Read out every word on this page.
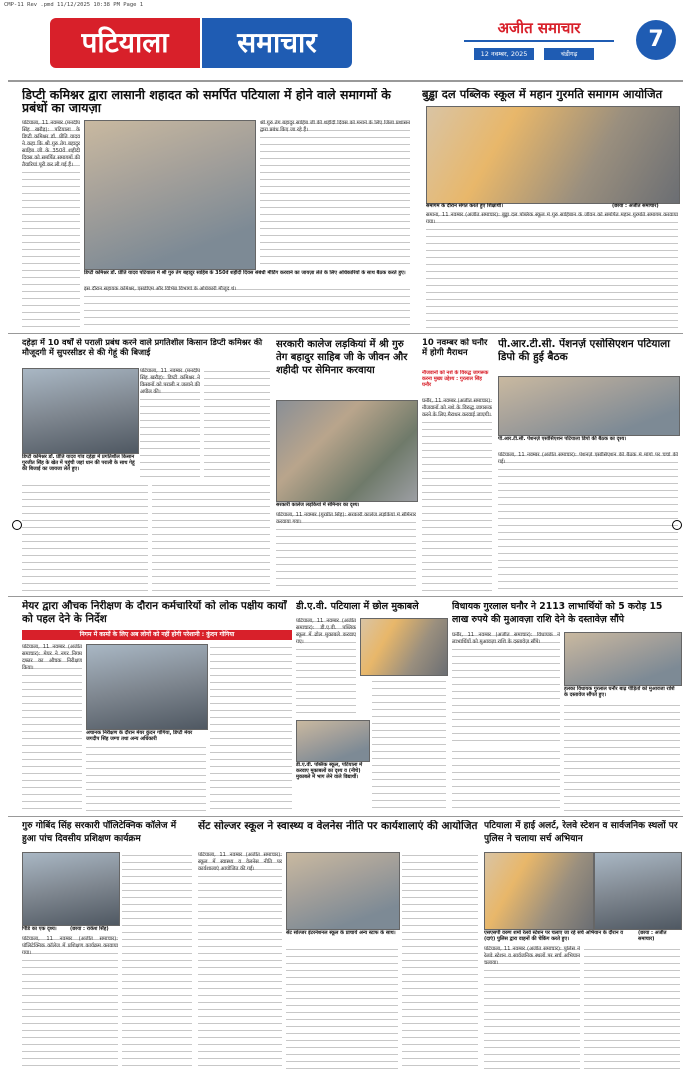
CMP-11 Rev .pmd 11/12/2025 10:38 PM Page 1
पटियाला	समाचार	अजीत समाचार
12 नवम्बर, 2025	चंडीगढ़
7
डिप्टी कमिश्नर द्वारा लासानी शहादत को समर्पित पटियाला में होने वाले समागमों के प्रबंधों का जायज़ा
पटियाला, 11 नवम्बर (मनदीप सिंह खरौड़): पटियाला के डिप्टी कमिश्नर डॉ. प्रीति यादव ने कहा कि श्री गुरु तेग बहादुर साहिब जी के 350वें शहीदी दिवस को समर्पित समागमों की तैयारियां पूरी कर ली गई हैं।
श्री गुरु तेग बहादुर साहिब जी की शहीदी दिवस को मनाने के लिए जिला प्रशासन द्वारा प्रबंध किए जा रहे हैं।
डिप्टी कमिश्नर डॉ. प्रीति यादव पटियाला में श्री गुरु तेग बहादुर साहिब के 350वें शहीदी दिवस संबंधी मीटिंग करवाने का जायज़ा लेते के लिए अधिकारियों के साथ बैठक करते हुए।
इस दौरान सहायक कमिश्नर, एसडीएम और विभिन्न विभागों के अधिकारी मौजूद थे।
बुड्ढा दल पब्लिक स्कूल में महान गुरमति समागम आयोजित
समागम के दौरान संगत करते हुए शिक्षार्थी।	(छाया : अजीत समाचार)
समाना, 11 नवम्बर (अजीत समाचार): बुड्ढा दल पब्लिक स्कूल में गुरु साहिबान के जीवन को समर्पित महान गुरमति समागम करवाया गया।
दहेड़ा में 10 वर्षों से पराली प्रबंध करने वाले प्रगतिशील किसान डिप्टी कमिश्नर की मौजूदगी में सुपरसीडर से की गेहूं की बिजाई
डिप्टी कमिश्नर डॉ. प्रीति यादव गांव दहेड़ा में प्रगतिशील किसान गुरजीत सिंह के खेत में पहुंची जहां धान की पराली के साथ गेहूं की बिजाई का जायजा लेते हुए।
पटियाला, 11 नवम्बर (मनदीप सिंह खरौड़): डिप्टी कमिश्नर ने किसानों को पराली न जलाने की अपील की।
सरकारी कालेज लड़कियां में श्री गुरु तेग बहादुर साहिब जी के जीवन और शहीदी पर सेमिनार करवाया
सरकारी कालेज लड़कियां में सेमिनार का दृश्य।
पटियाला, 11 नवम्बर (गुरप्रीत सिंह): सरकारी कालेज लड़कियां में सेमिनार करवाया गया।
10 नवम्बर को घनौर में होगी मैराथन
नौजवानों को नशे के विरुद्ध जागरूक करना मुख्य उद्देश्य : गुरलाल सिंह घनौर
घनौर, 11 नवम्बर (अजीत समाचार): नौजवानों को नशे के विरुद्ध जागरूक करने के लिए मैराथन करवाई जाएगी।
पी.आर.टी.सी. पेंशनर्ज़ एसोसिएशन पटियाला डिपो की हुई बैठक
पी.आर.टी.सी. पेंशनर्ज़ एसोसिएशन पटियाला डिपो की बैठक का दृश्य।
पटियाला, 11 नवम्बर (अजीत समाचार): पेंशनर्ज़ एसोसिएशन की बैठक में मांगों पर चर्चा की गई।
मेयर द्वारा औचक निरीक्षण के दौरान कर्मचारियों को लोक पक्षीय कार्यों को पहल देने के निर्देश
निगम में कामों के लिए अब लोगों को नहीं होगी परेशानी : कुंदन गोगिया
पटियाला, 11 नवम्बर (अजीत समाचार): मेयर ने नगर निगम दफ्तर का औचक निरीक्षण किया।
अचानक निरीक्षण के दौरान मेयर कुंदन गोगिया, डिप्टी मेयर जगदीप सिंह जग्गा तथा अन्य अधिकारी
डी.ए.वी. पटियाला में छोल मुकाबले
पटियाला, 11 नवम्बर (अजीत समाचार): डी.ए.वी. पब्लिक स्कूल में ढोल मुकाबले करवाए गए।
डी.ए.वी. पब्लिक स्कूल, पटियाला में करवाए मुकाबलों का दृश्य व (नीचे) मुकाबले में भाग लेने वाले विद्यार्थी।
विधायक गुरलाल घनौर ने 2113 लाभार्थियों को 5 करोड़ 15 लाख रुपये की मुआवज़ा राशि देने के दस्तावेज़ सौंपे
घनौर, 11 नवम्बर (अजीत समाचार): विधायक ने लाभार्थियों को मुआवज़ा राशि के दस्तावेज़ सौंपे।
हलका विधायक गुरलाल घनौर बाढ़ पीड़ितों को मुआवजा राशि के दस्तावेज सौंपते हुए।
गुरु गोबिंद सिंह सरकारी पॉलिटेक्निक कॉलेज में हुआ पांच दिवसीय प्रशिक्षण कार्यक्रम
पिंडि का एक दृश्य।	(छाया : राकेश सिंह)
पटियाला, 11 नवम्बर (अजीत समाचार): पॉलिटेक्निक कॉलेज में प्रशिक्षण कार्यक्रम करवाया गया।
सेंट सोल्जर स्कूल ने स्वास्थ्य व वेलनेस नीति पर कार्यशालाएं की आयोजित
पटियाला, 11 नवम्बर (अजीत समाचार): स्कूल में स्वास्थ्य व वेलनेस नीति पर कार्यशालाएं आयोजित की गईं।
सेंट सोल्जर इंटरनेशनल स्कूल के प्राचार्य अन्य स्टाफ के साथ।
पटियाला में हाई अलर्ट, रेलवे स्टेशन व सार्वजनिक स्थलों पर पुलिस ने चलाया सर्च अभियान
एसएसपी वरुण शर्मा रेलवे स्टेशन पर चलाए जा रहे सर्च अभियान के दौरान व (दाएं) पुलिस द्वारा वाहनों की चेकिंग करते हुए।
(छाया : अजीत समाचार)
पटियाला, 11 नवम्बर (अजीत समाचार): पुलिस ने रेलवे स्टेशन व सार्वजनिक स्थलों पर सर्च अभियान चलाया।
